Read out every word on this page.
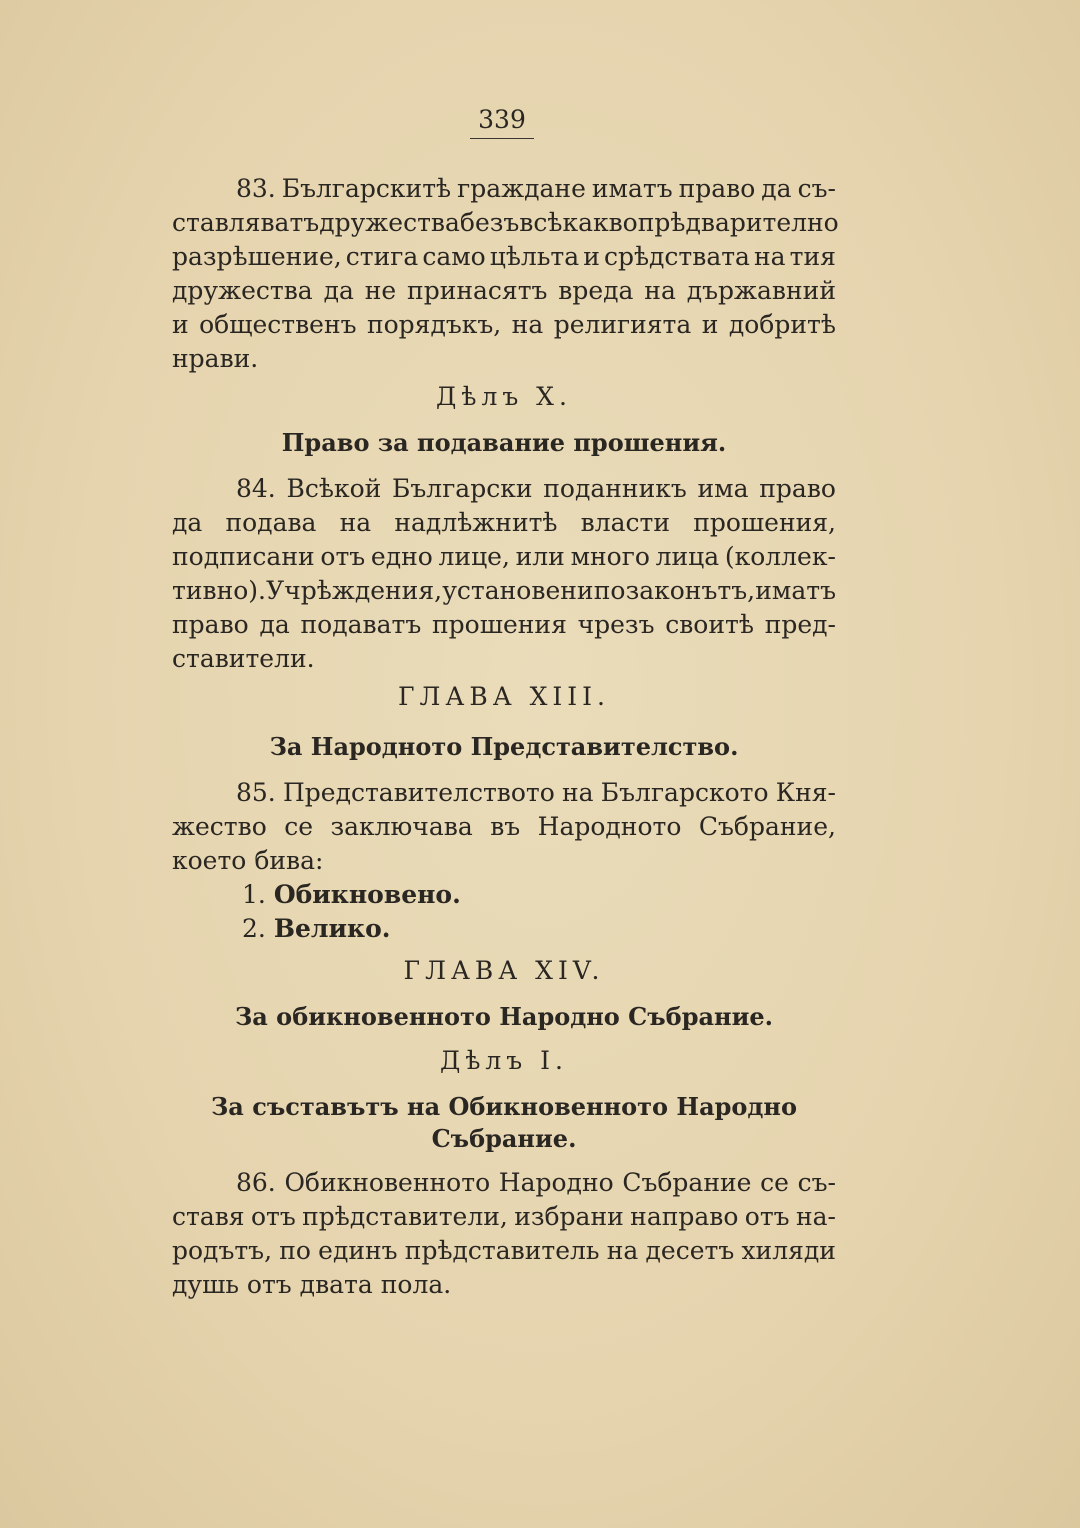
339
83. Българскитѣ граждане иматъ право да съ-
ставляватъ дружества безъ всѣкакво прѣдварително
разрѣшение, стига само цѣльта и срѣдствата на тия
дружества да не принасятъ вреда на държавний
и общественъ порядъкъ, на религията и добритѣ
нрави.
Дѣлъ X.
Право за подавание прошения.
84. Всѣкой Български поданникъ има право
да подава на надлѣжнитѣ власти прошения,
подписани отъ едно лице, или много лица (коллек-
тивно). Учрѣждения, установени по законътъ, иматъ
право да подаватъ прошения чрезъ своитѣ пред-
ставители.
ГЛАВА XIII.
За Народното Представителство.
85. Представителството на Българското Кня-
жество се заключава въ Народното Събрание,
което
бива:
1. Обикновено.
2. Велико.
ГЛАВА XIV.
За обикновенното Народно Събрание.
Дѣлъ I.
За съставътъ на Обикновенното Народно
Събрание.
86. Обикновенното Народно Събрание се съ-
ставя отъ прѣдставители, избрани направо отъ на-
родътъ, по единъ прѣдставитель на десетъ хиляди
душь
отъ
двата
пола.
